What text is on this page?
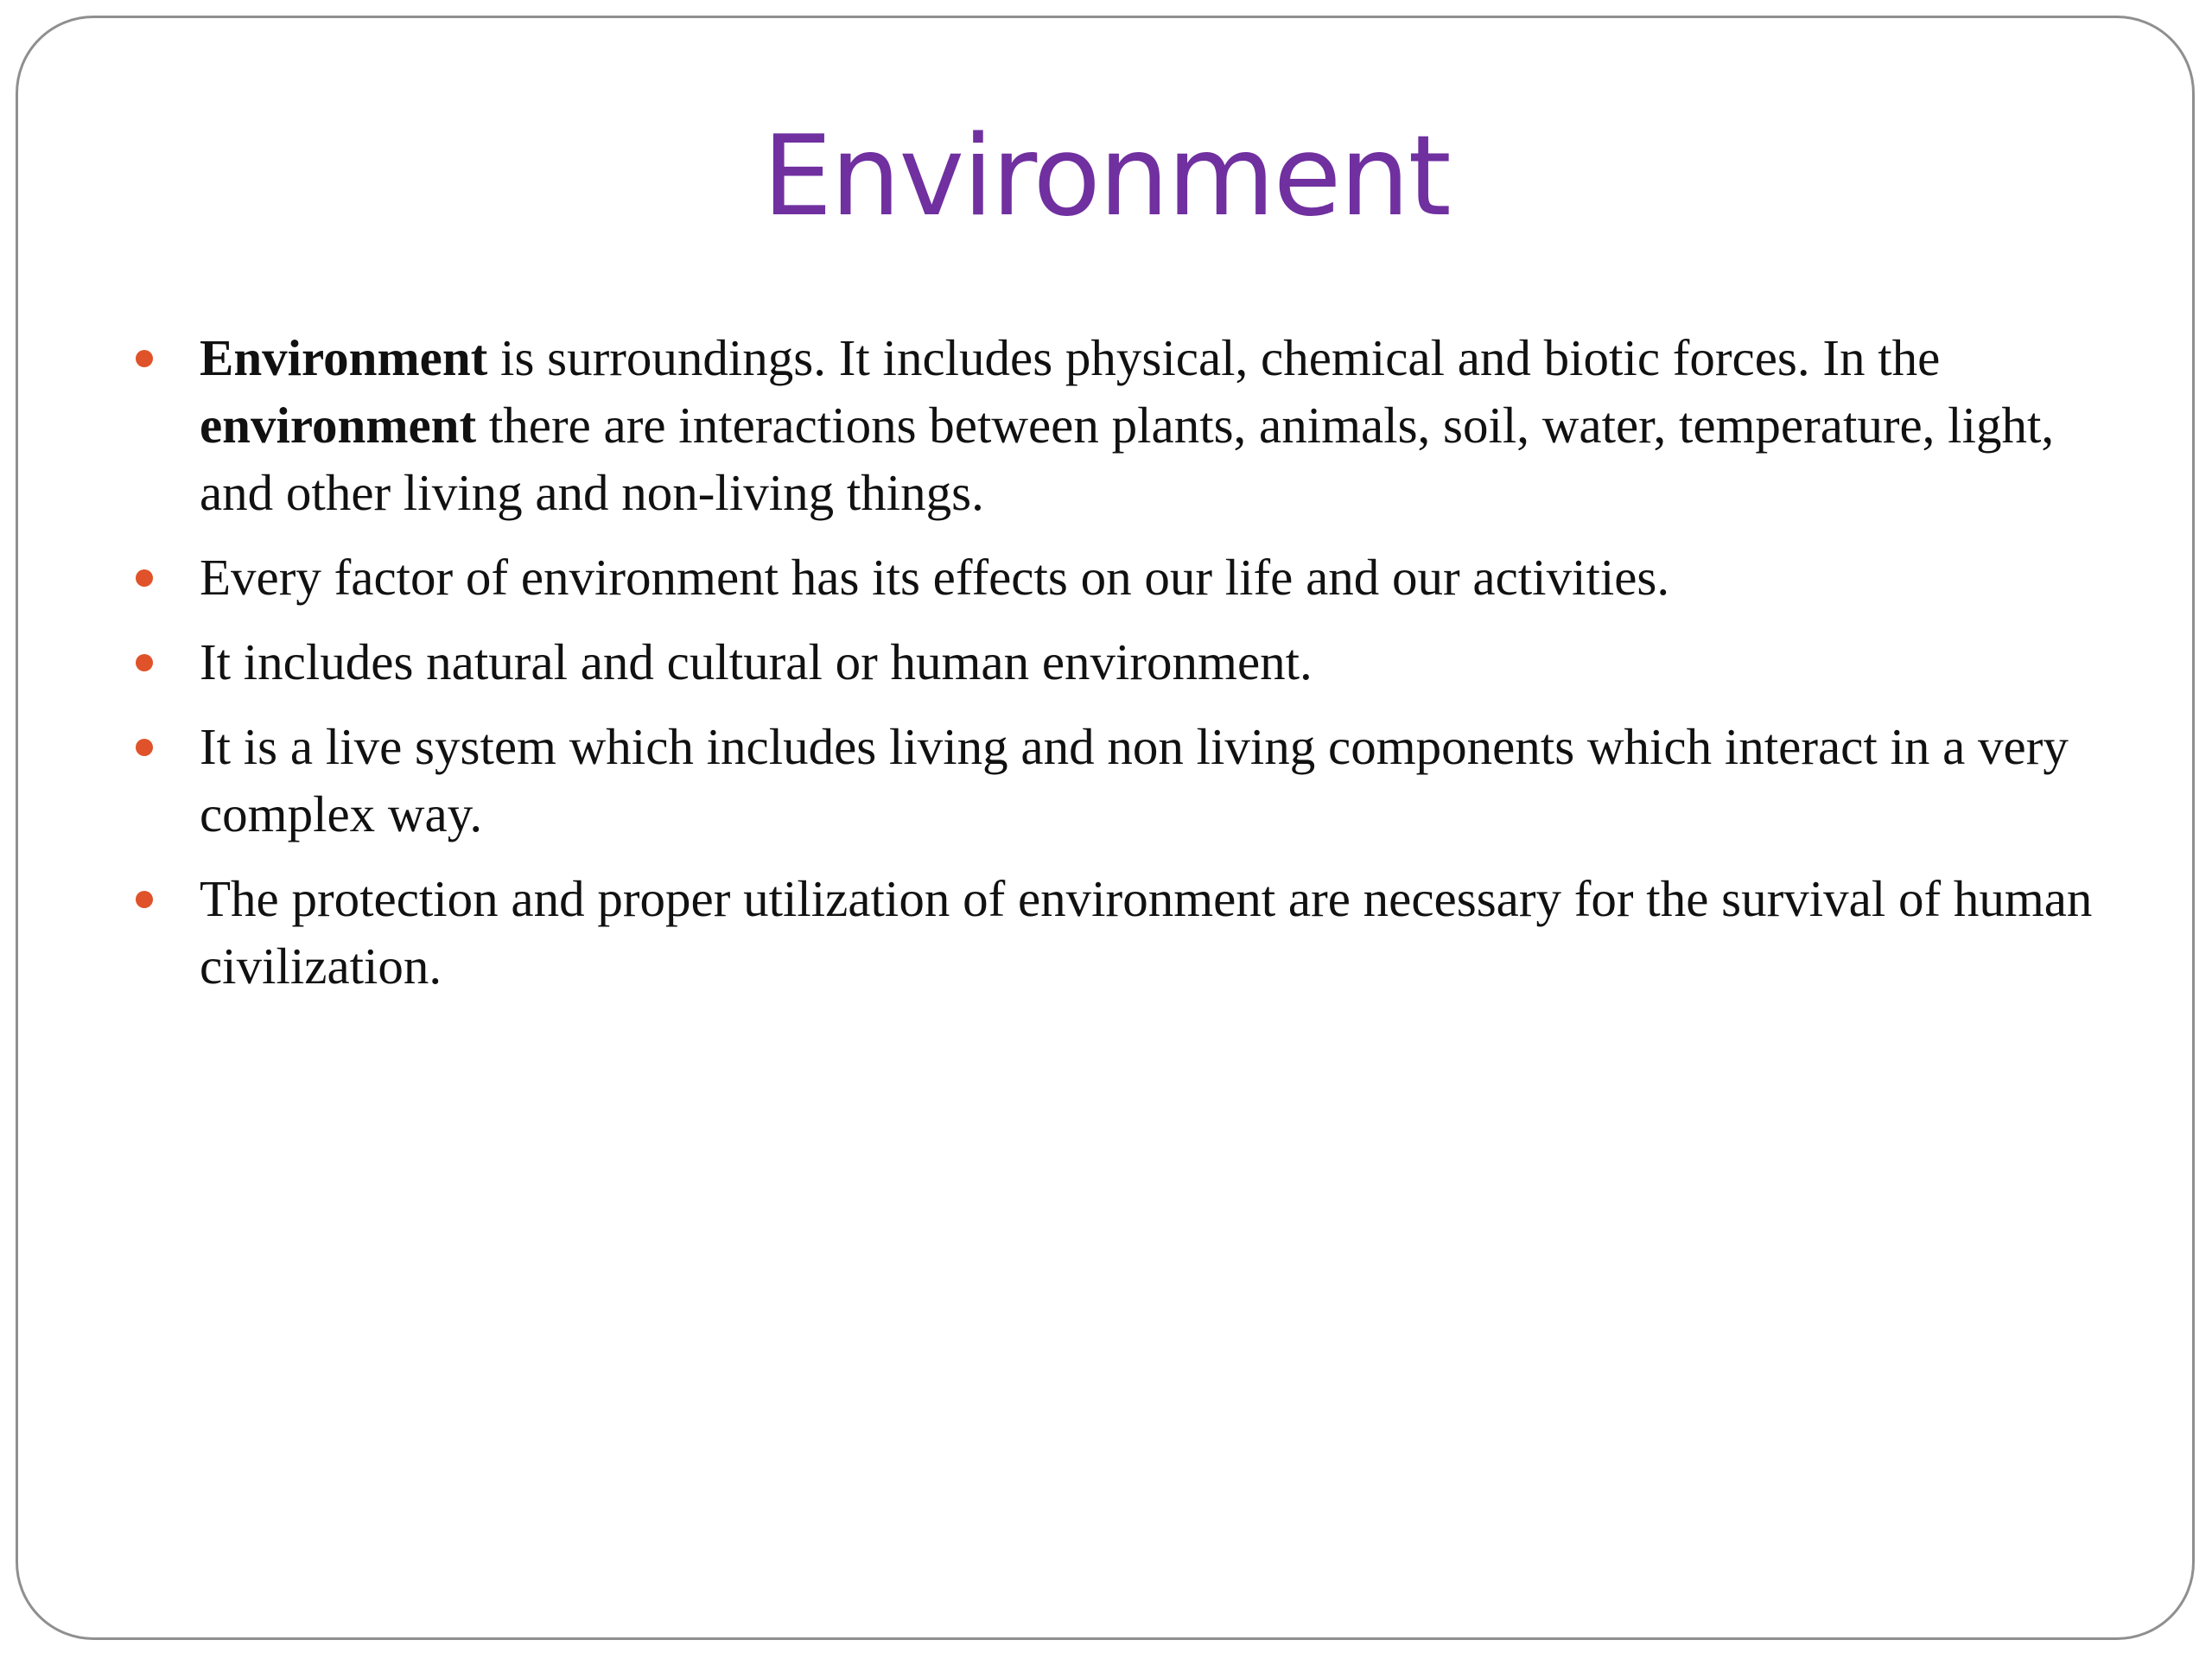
Environment
Environment is surroundings. It includes physical, chemical and biotic forces. In the environment there are interactions between plants, animals, soil, water, temperature, light, and other living and non-living things.
Every factor of environment has its effects on our life and our activities.
It includes natural and cultural or human environment.
It is a live system which includes living and non living components which interact in a very complex way.
The protection and proper utilization of environment are necessary for the survival of human civilization.
